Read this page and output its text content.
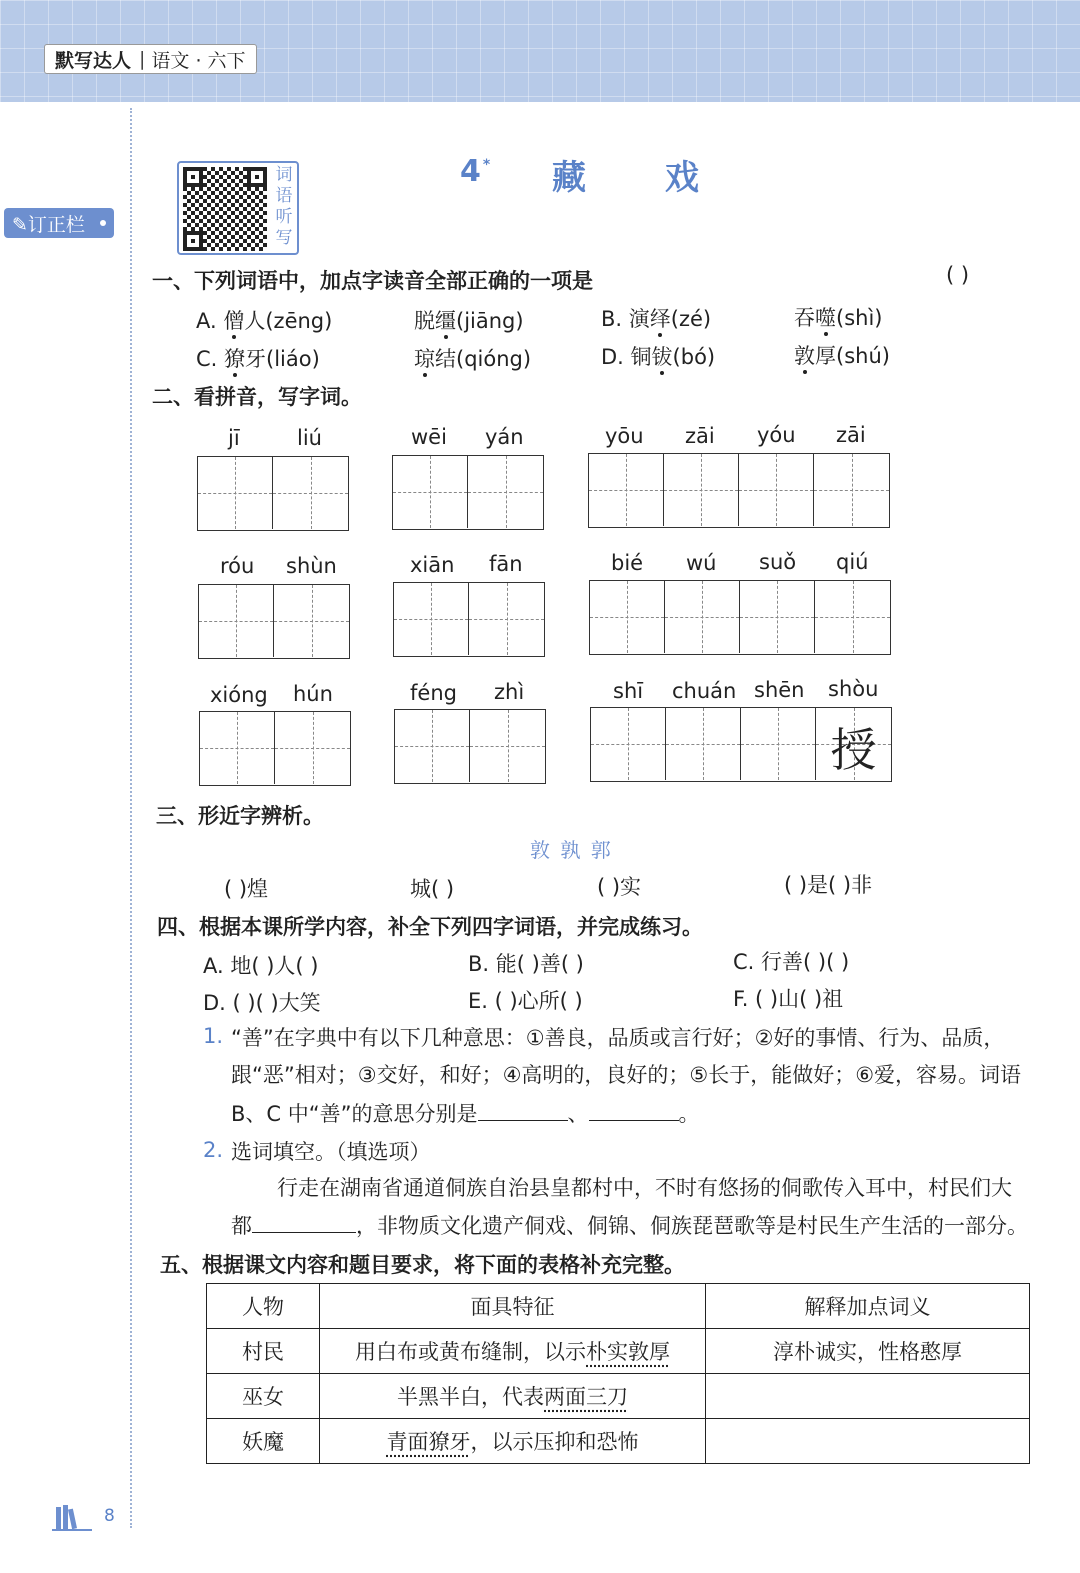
默写达人 | 语文 · 六下
✎订正栏
词语听写
4 * 藏 戏
一、下列词语中，加点字读音全部正确的一项是	( )
A. 僧人(zēng)	脱缰(jiāng)	B. 演绎(zé)	吞噬(shì)
C. 獠牙(liáo)	琼结(qióng)	D. 铜钹(bó)	敦厚(shú)
二、看拼音，写字词。
jī	liú	wēi yán	yōu zāi yóu zāi
róu shùn	xiān fān	bié wú suǒ qiú
xióng hún	féng zhì	shī chuán shēn shòu
授
三、形近字辨析。
敦 孰 郭
( )煌	城( )	( )实	( )是( )非
四、根据本课所学内容，补全下列四字词语，并完成练习。
A. 地( )人( )	B. 能( )善( )	C. 行善( )( )
D. ( )( )大笑	E. ( )心所( )	F. ( )山( )祖
1. “善”在字典中有以下几种意思：①善良，品质或言行好；②好的事情、行为、品质，
跟“恶”相对；③交好，和好；④高明的，良好的；⑤长于，能做好；⑥爱，容易。词语
B、C 中“善”的意思分别是	、	。
2. 选词填空。（填选项）
行走在湖南省通道侗族自治县皇都村中，不时有悠扬的侗歌传入耳中，村民们大
都	，非物质文化遗产侗戏、侗锦、侗族琵琶歌等是村民生产生活的一部分。
五、根据课文内容和题目要求，将下面的表格补充完整。
人物	面具特征	解释加点词义
村民	用白布或黄布缝制，以示朴实敦厚	淳朴诚实，性格憨厚
巫女	半黑半白，代表两面三刀	
妖魔	青面獠牙，以示压抑和恐怖	
8
